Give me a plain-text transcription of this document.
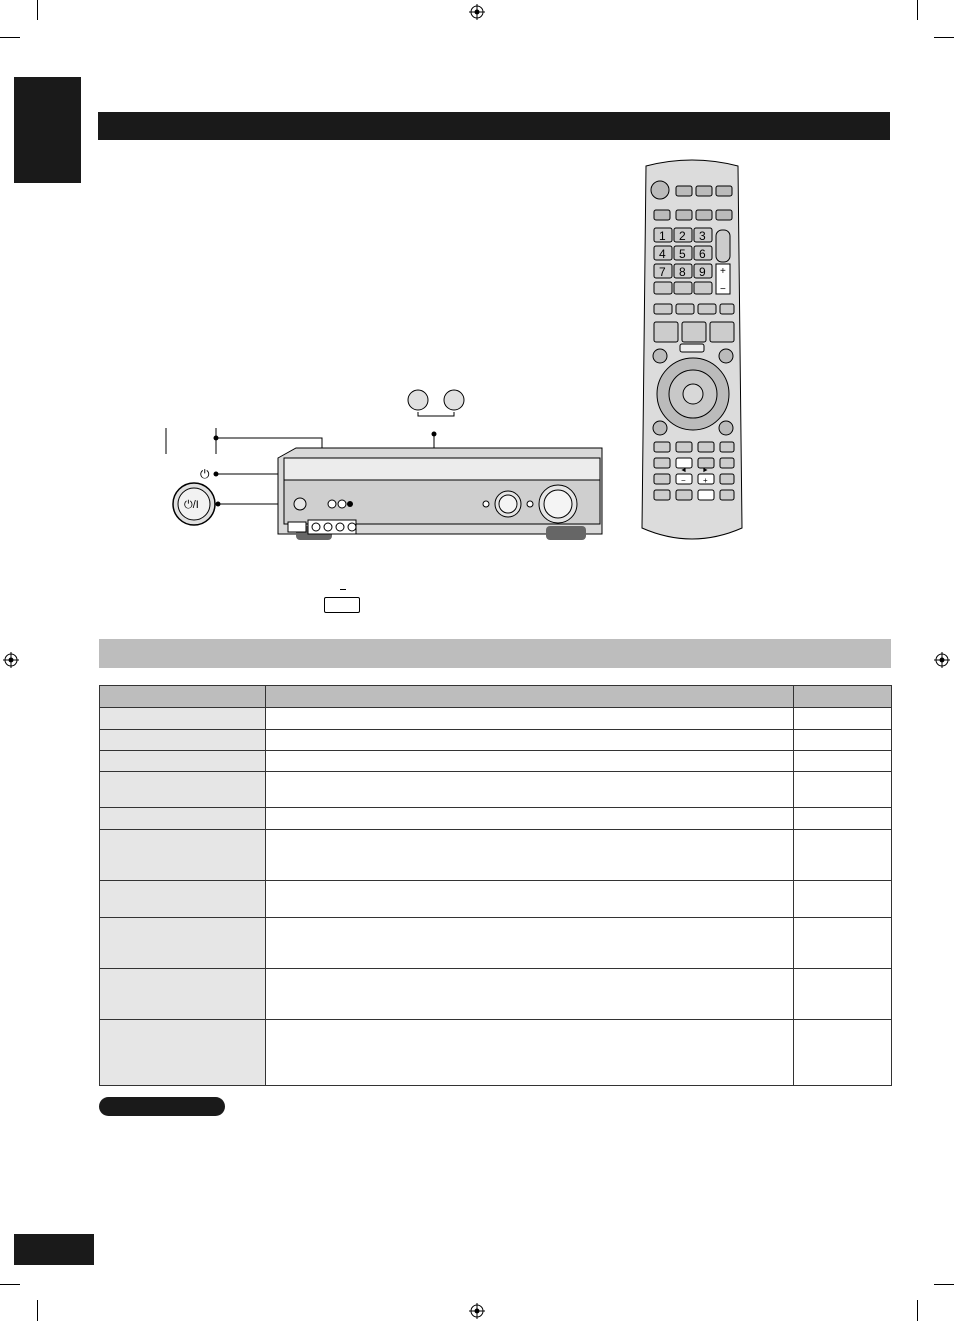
⏻
⏻/I
1 2 3
4 5 6
7 8 9 +
−
◄ ►
− +
